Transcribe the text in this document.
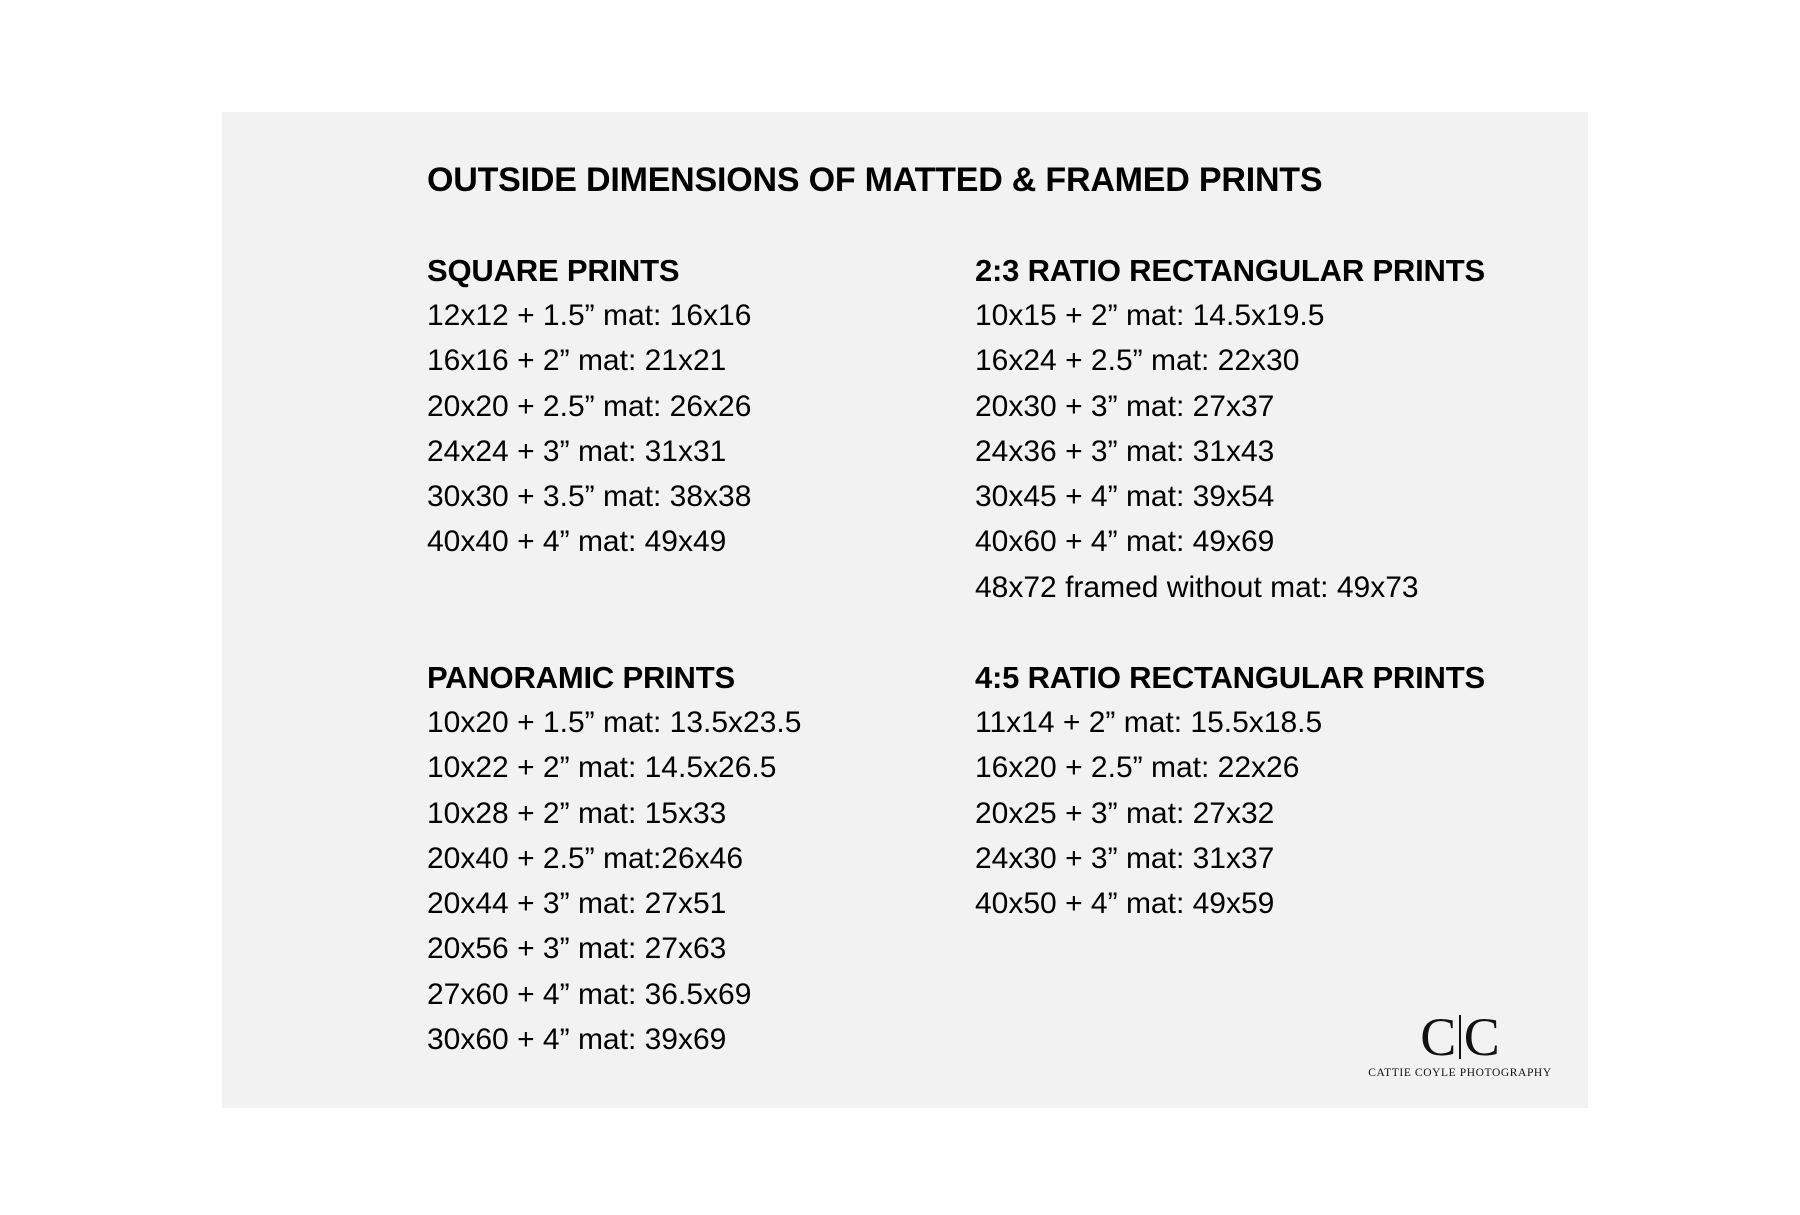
OUTSIDE DIMENSIONS OF MATTED & FRAMED PRINTS
SQUARE PRINTS
12x12 + 1.5” mat: 16x16
16x16 + 2” mat: 21x21
20x20 + 2.5” mat: 26x26
24x24 + 3” mat: 31x31
30x30 + 3.5” mat: 38x38
40x40 + 4” mat: 49x49
2:3 RATIO RECTANGULAR PRINTS
10x15 + 2” mat: 14.5x19.5
16x24 + 2.5” mat: 22x30
20x30 + 3” mat: 27x37
24x36 + 3” mat: 31x43
30x45 + 4” mat: 39x54
40x60 + 4” mat: 49x69
48x72 framed without mat: 49x73
PANORAMIC PRINTS
10x20 + 1.5” mat: 13.5x23.5
10x22 + 2” mat: 14.5x26.5
10x28 + 2” mat: 15x33
20x40 + 2.5” mat:26x46
20x44 + 3” mat: 27x51
20x56 + 3” mat: 27x63
27x60 + 4” mat: 36.5x69
30x60 + 4” mat: 39x69
4:5 RATIO RECTANGULAR PRINTS
11x14 + 2” mat: 15.5x18.5
16x20 + 2.5” mat: 22x26
20x25 + 3” mat: 27x32
24x30 + 3” mat: 31x37
40x50 + 4” mat: 49x59
C C
CATTIE COYLE PHOTOGRAPHY
